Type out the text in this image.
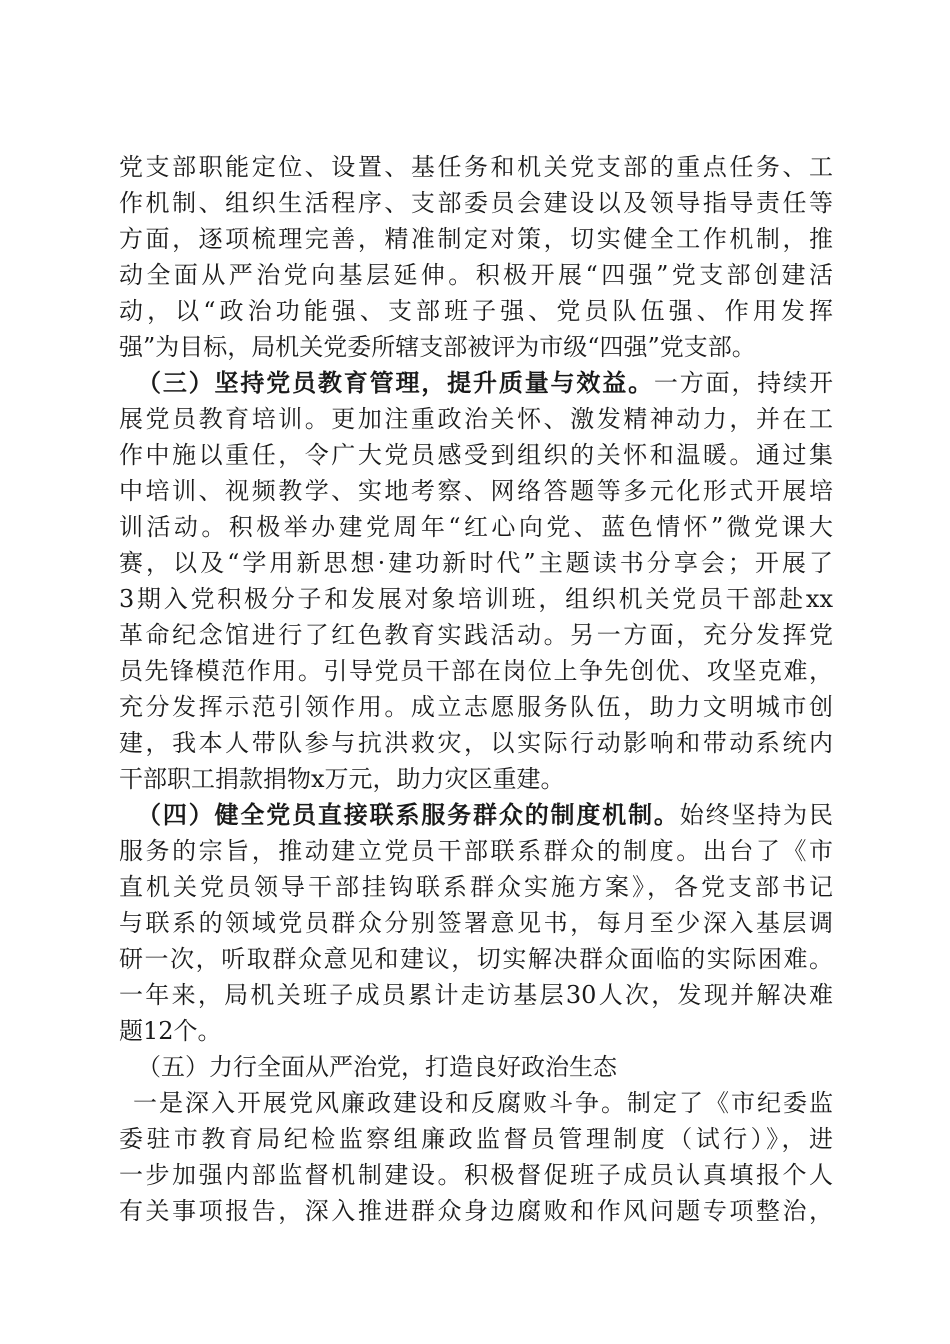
党支部职能定位、设置、基任务和机关党支部的重点任务、工
作机制、组织生活程序、支部委员会建设以及领导指导责任等
方面，逐项梳理完善，精准制定对策，切实健全工作机制，推
动全面从严治党向基层延伸。积极开展“四强”党支部创建活
动，以“政治功能强、支部班子强、党员队伍强、作用发挥
强”为目标，局机关党委所辖支部被评为市级“四强”党支部。
（三）坚持党员教育管理，提升质量与效益。一方面，持续开
展党员教育培训。更加注重政治关怀、激发精神动力，并在工
作中施以重任，令广大党员感受到组织的关怀和温暖。通过集
中培训、视频教学、实地考察、网络答题等多元化形式开展培
训活动。积极举办建党周年“红心向党、蓝色情怀”微党课大
赛，以及“学用新思想·建功新时代”主题读书分享会；开展了
3期入党积极分子和发展对象培训班，组织机关党员干部赴xx
革命纪念馆进行了红色教育实践活动。另一方面，充分发挥党
员先锋模范作用。引导党员干部在岗位上争先创优、攻坚克难，
充分发挥示范引领作用。成立志愿服务队伍，助力文明城市创
建，我本人带队参与抗洪救灾，以实际行动影响和带动系统内
干部职工捐款捐物x万元，助力灾区重建。
（四）健全党员直接联系服务群众的制度机制。始终坚持为民
服务的宗旨，推动建立党员干部联系群众的制度。出台了《市
直机关党员领导干部挂钩联系群众实施方案》，各党支部书记
与联系的领域党员群众分别签署意见书，每月至少深入基层调
研一次，听取群众意见和建议，切实解决群众面临的实际困难。
一年来，局机关班子成员累计走访基层30人次，发现并解决难
题12个。
（五）力行全面从严治党，打造良好政治生态
一是深入开展党风廉政建设和反腐败斗争。制定了《市纪委监
委驻市教育局纪检监察组廉政监督员管理制度（试行）》，进
一步加强内部监督机制建设。积极督促班子成员认真填报个人
有关事项报告，深入推进群众身边腐败和作风问题专项整治，
